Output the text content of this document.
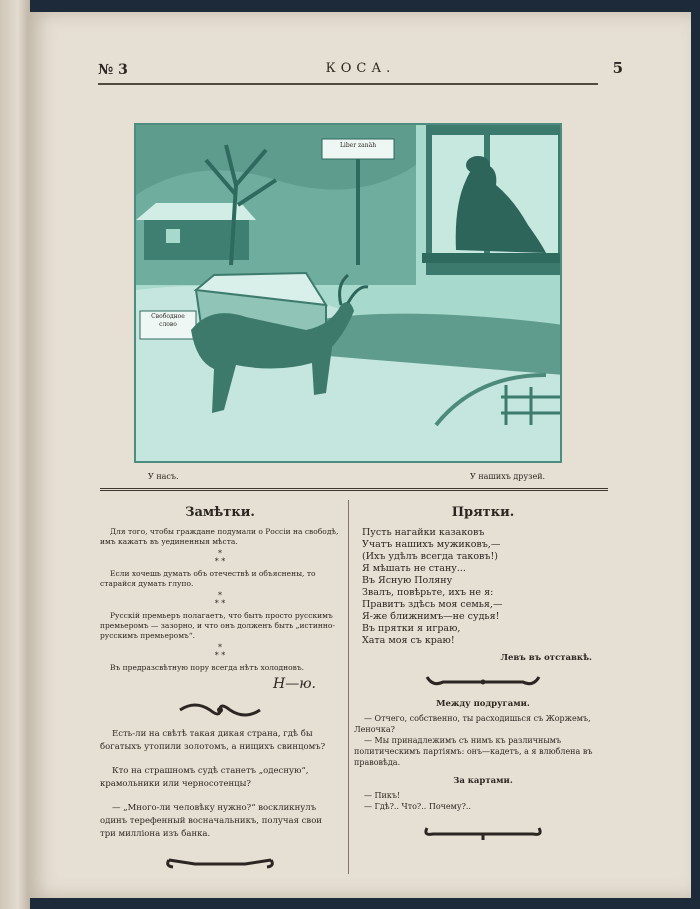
№ 3	КОСА.	5
Liber zanäh
Свободное слово
У насъ.	У нашихъ друзей.
Замѣтки.

Для того, чтобы граждане подумали о Россіи на свободѣ, имъ кажатъ въ уединенныя мѣста.

*
* *

Если хочешь думать объ отечествѣ и объяснены, то старайся думать глупо.

*
* *

Русскій премьеръ полагаетъ, что быть просто русскимъ премьеромъ — зазорно, и что онъ долженъ быть „истинно-русскимъ премьеромъ“.

*
* *

Въ предразсвѣтную пору всегда нѣтъ холодновъ.

Н—ю.

Есть-ли на свѣтѣ такая дикая страна, гдѣ бы богатыхъ утопили золотомъ, а нищихъ свинцомъ?

Кто на страшномъ судѣ станетъ „одесную“, крамольники или черносотенцы?

— „Много-ли человѣку нужно?“ воскликнулъ одинъ терефенный восначальникъ, получая свои три милліона изъ банка.

Прятки.
Пусть нагайки казаковъ
Учатъ нашихъ мужиковъ,—
(Ихъ удѣлъ всегда таковъ!)
Я мѣшать не стану...
Въ Ясную Поляну
Звалъ, повѣрьте, ихъ не я:
Правитъ здѣсь моя семья,—
Я-же ближнимъ—не судья!
Въ прятки я играю,
Хата моя съ краю!
Левъ въ отставкѣ.
Между подругами.

— Отчего, собственно, ты расходишься съ Жоржемъ, Леночка?

— Мы принадлежимъ съ нимъ къ различнымъ политическимъ партіямъ: онъ—кадетъ, а я влюблена въ правовѣда.

За картами.

— Пикъ!

— Гдѣ?.. Что?.. Почему?..
